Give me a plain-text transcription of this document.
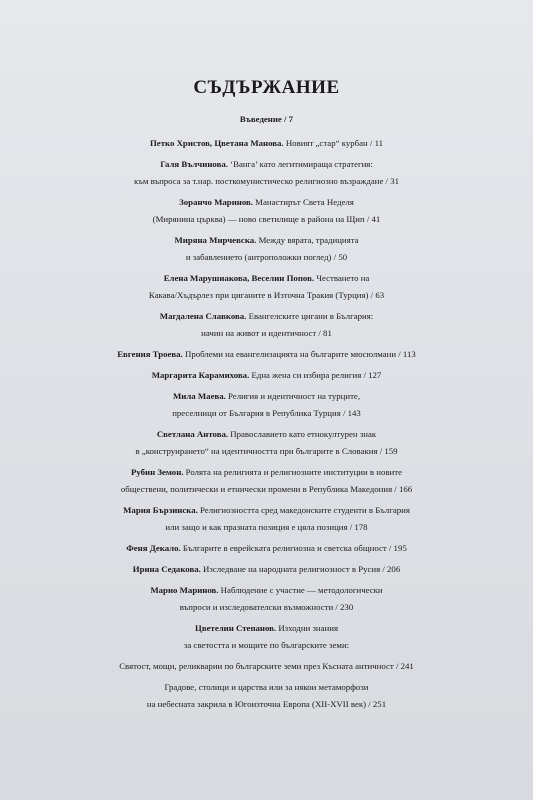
СЪДЪРЖАНИЕ
Въведение / 7
Петко Христов, Цветана Манова. Новият „стар“ курбан / 11
Галя Вълчинова. ‘Ванга’ като легитимираща стратегия:
към въпроса за т.нар. посткомунистическо религиозно възраждане / 31
Зоранчо Маринов. Манастирът Света Неделя
(Мирянина църква) — ново светилище в района на Щип / 41
Миряна Мирчевска. Между вярата, традицията
и забавлението (антроположки поглед) / 50
Елена Марушиакова, Веселин Попов. Честването на
Какава/Хъдърлез при циганите в Източна Тракия (Турция) / 63
Магдалена Славкова. Евангелските цигани в България:
начин на живот и идентичност / 81
Евгения Троева. Проблеми на евангелизацията на българите мюсюлмани / 113
Маргарита Карамихова. Една жена си избира религия / 127
Мила Маева. Религия и идентичност на турците,
преселници от България в Република Турция / 143
Светлана Антова. Православието като етнокултурен знак
в „конструирането“ на идентичността при българите в Словакия / 159
Рубин Земон. Ролята на религията и религиозните институции в новите
обществени, политически и етнически промени в Република Македония / 166
Мария Бързинска. Религиозността сред македонските студенти в България
или защо и как празната позиция е цяла позиция / 178
Феня Декало. Българите в еврейската религиозна и светска общност / 195
Ирина Седакова. Изследване на народната религиозност в Русия / 206
Марио Маринов. Наблюдение с участие — методологически
въпроси и изследователски възможности / 230
Цветелин Степанов. Изходни знания
за светостта и мощите по българските земи:
Святост, мощи, реликварии по българските земи през Късната античност / 241
Градове, столици и царства или за някои метаморфози
на небесната закрила в Югоизточна Европа (XII-XVII век) / 251
